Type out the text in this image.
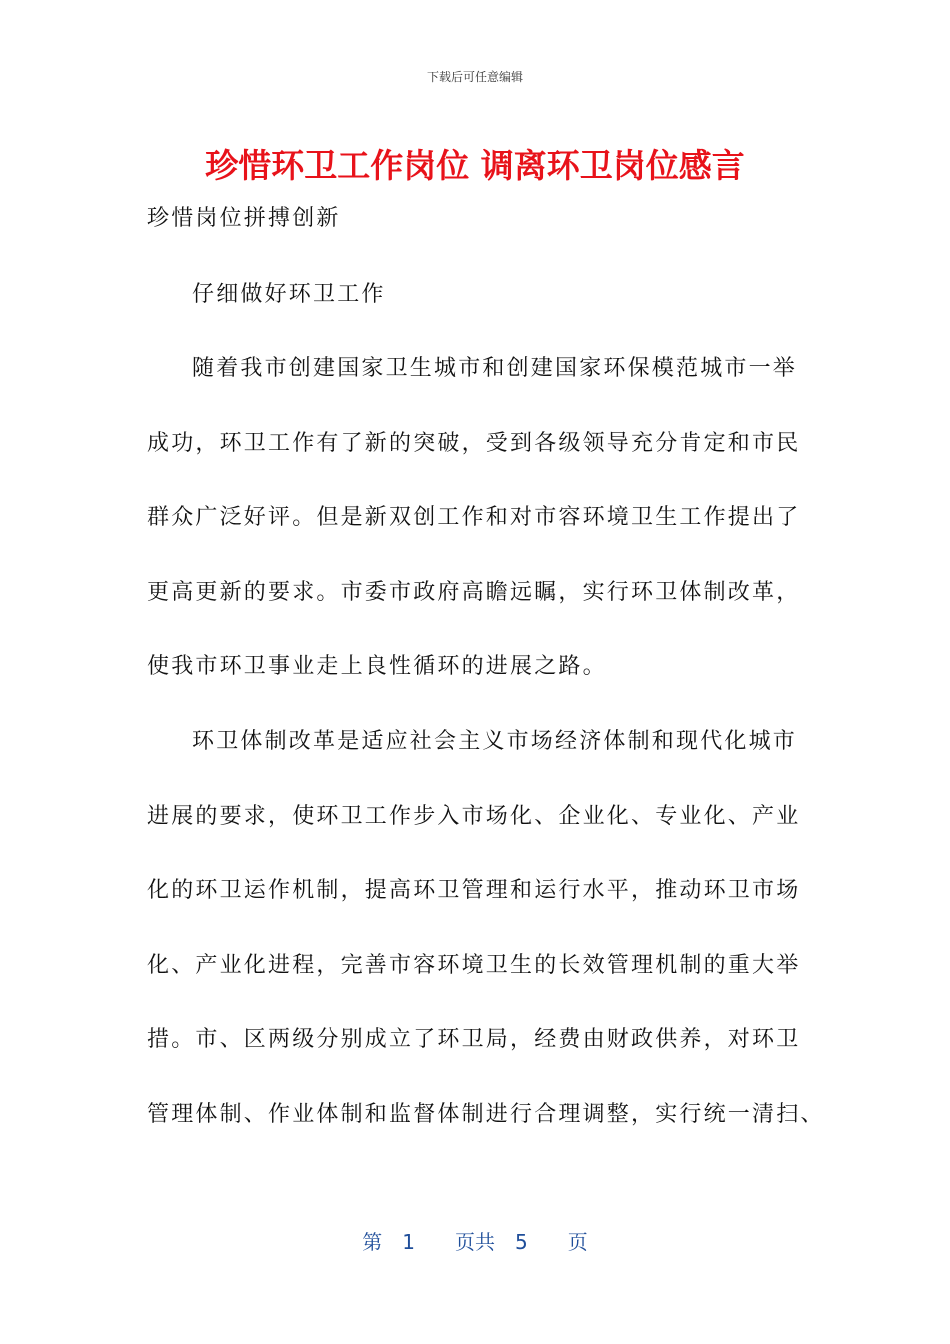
下载后可任意编辑
珍惜环卫工作岗位 调离环卫岗位感言
珍惜岗位拼搏创新
仔细做好环卫工作
随着我市创建国家卫生城市和创建国家环保模范城市一举
成功，环卫工作有了新的突破，受到各级领导充分肯定和市民
群众广泛好评。但是新双创工作和对市容环境卫生工作提出了
更高更新的要求。市委市政府高瞻远瞩，实行环卫体制改革，
使我市环卫事业走上良性循环的进展之路。
环卫体制改革是适应社会主义市场经济体制和现代化城市
进展的要求，使环卫工作步入市场化、企业化、专业化、产业
化的环卫运作机制，提高环卫管理和运行水平，推动环卫市场
化、产业化进程，完善市容环境卫生的长效管理机制的重大举
措。市、区两级分别成立了环卫局，经费由财政供养，对环卫
管理体制、作业体制和监督体制进行合理调整，实行统一清扫、
第 1 页共 5 页
